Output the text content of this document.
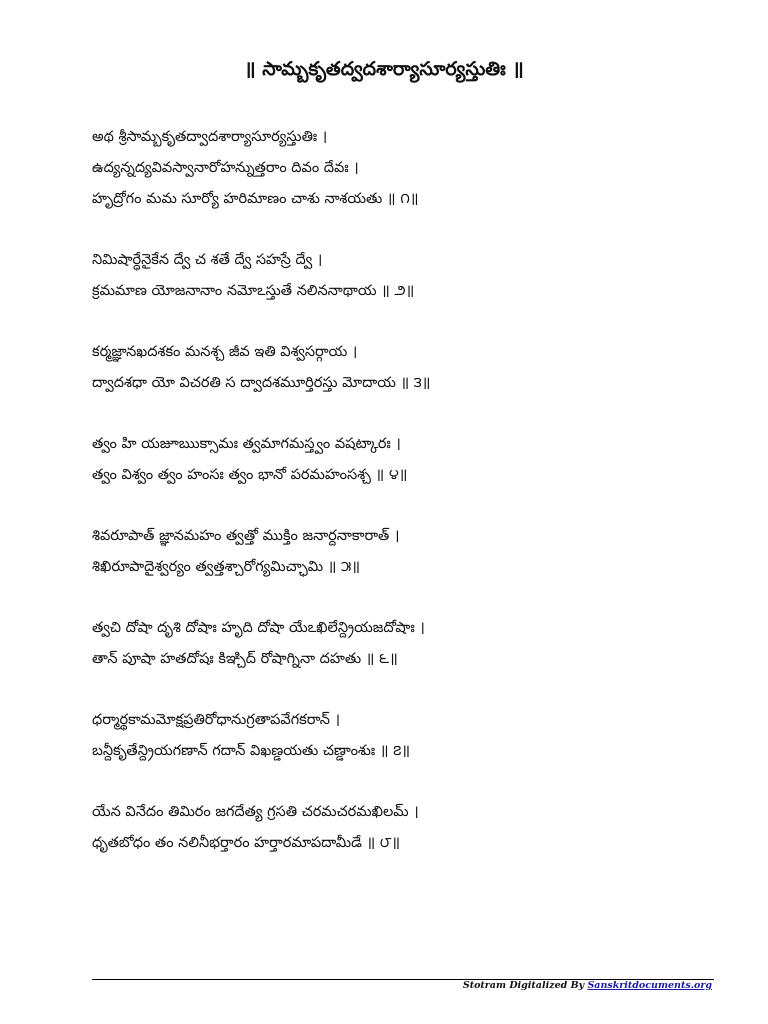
॥ సామ్బకృతద్వదశార్యాసూర్యస్తుతిః ॥
అథ శ్రీసామ్బకృతద్వాదశార్యాసూర్యస్తుతిః ।
ఉద్యన్నద్యవివస్వానారోహన్నుత్తరాం దివం దేవః ।
హృద్రోగం మమ సూర్యో హరిమాణం చాశు నాశయతు ॥ ౧॥
నిమిషార్ధేనైకేన ద్వే చ శతే ద్వే సహస్రే ద్వే ।
క్రమమాణ యోజనానాం నమోఽస్తుతే నలిననాథాయ ॥ ౨॥
కర్మజ్ఞానఖదశకం మనశ్చ జీవ ఇతి విశ్వసర్గాయ ।
ద్వాదశధా యో విచరతి స ద్వాదశమూర్తిరస్తు మోదాయ ॥ ౩॥
త్వం హి యజూఋక్సామః త్వమాగమస్త్వం వషట్కారః ।
త్వం విశ్వం త్వం హంసః త్వం భానో పరమహంసశ్చ ॥ ౪॥
శివరూపాత్ జ్ఞానమహం త్వత్తో ముక్తిం జనార్దనాకారాత్ ।
శిఖిరూపాదైశ్వర్యం త్వత్తశ్చారోగ్యమిచ్ఛామి ॥ ౫॥
త్వచి దోషా దృశి దోషాః హృది దోషా యేఽఖిలేన్ద్రియజదోషాః ।
తాన్ పూషా హతదోషః కిఞ్చిద్ రోషాగ్నినా దహతు ॥ ౬॥
ధర్మార్థకామమోక్షప్రతిరోధానుగ్రతాపవేగకరాన్ ।
బన్దీకృతేన్ద్రియగణాన్ గదాన్ విఖణ్డయతు చణ్డాంశుః ॥ ౭॥
యేన వినేదం తిమిరం జగదేత్య గ్రసతి చరమచరమఖిలమ్ ।
ధృతబోధం తం నలినీభర్తారం హర్తారమాపదామీడే ॥ ౮॥
Stotram Digitalized By Sanskritdocuments.org
